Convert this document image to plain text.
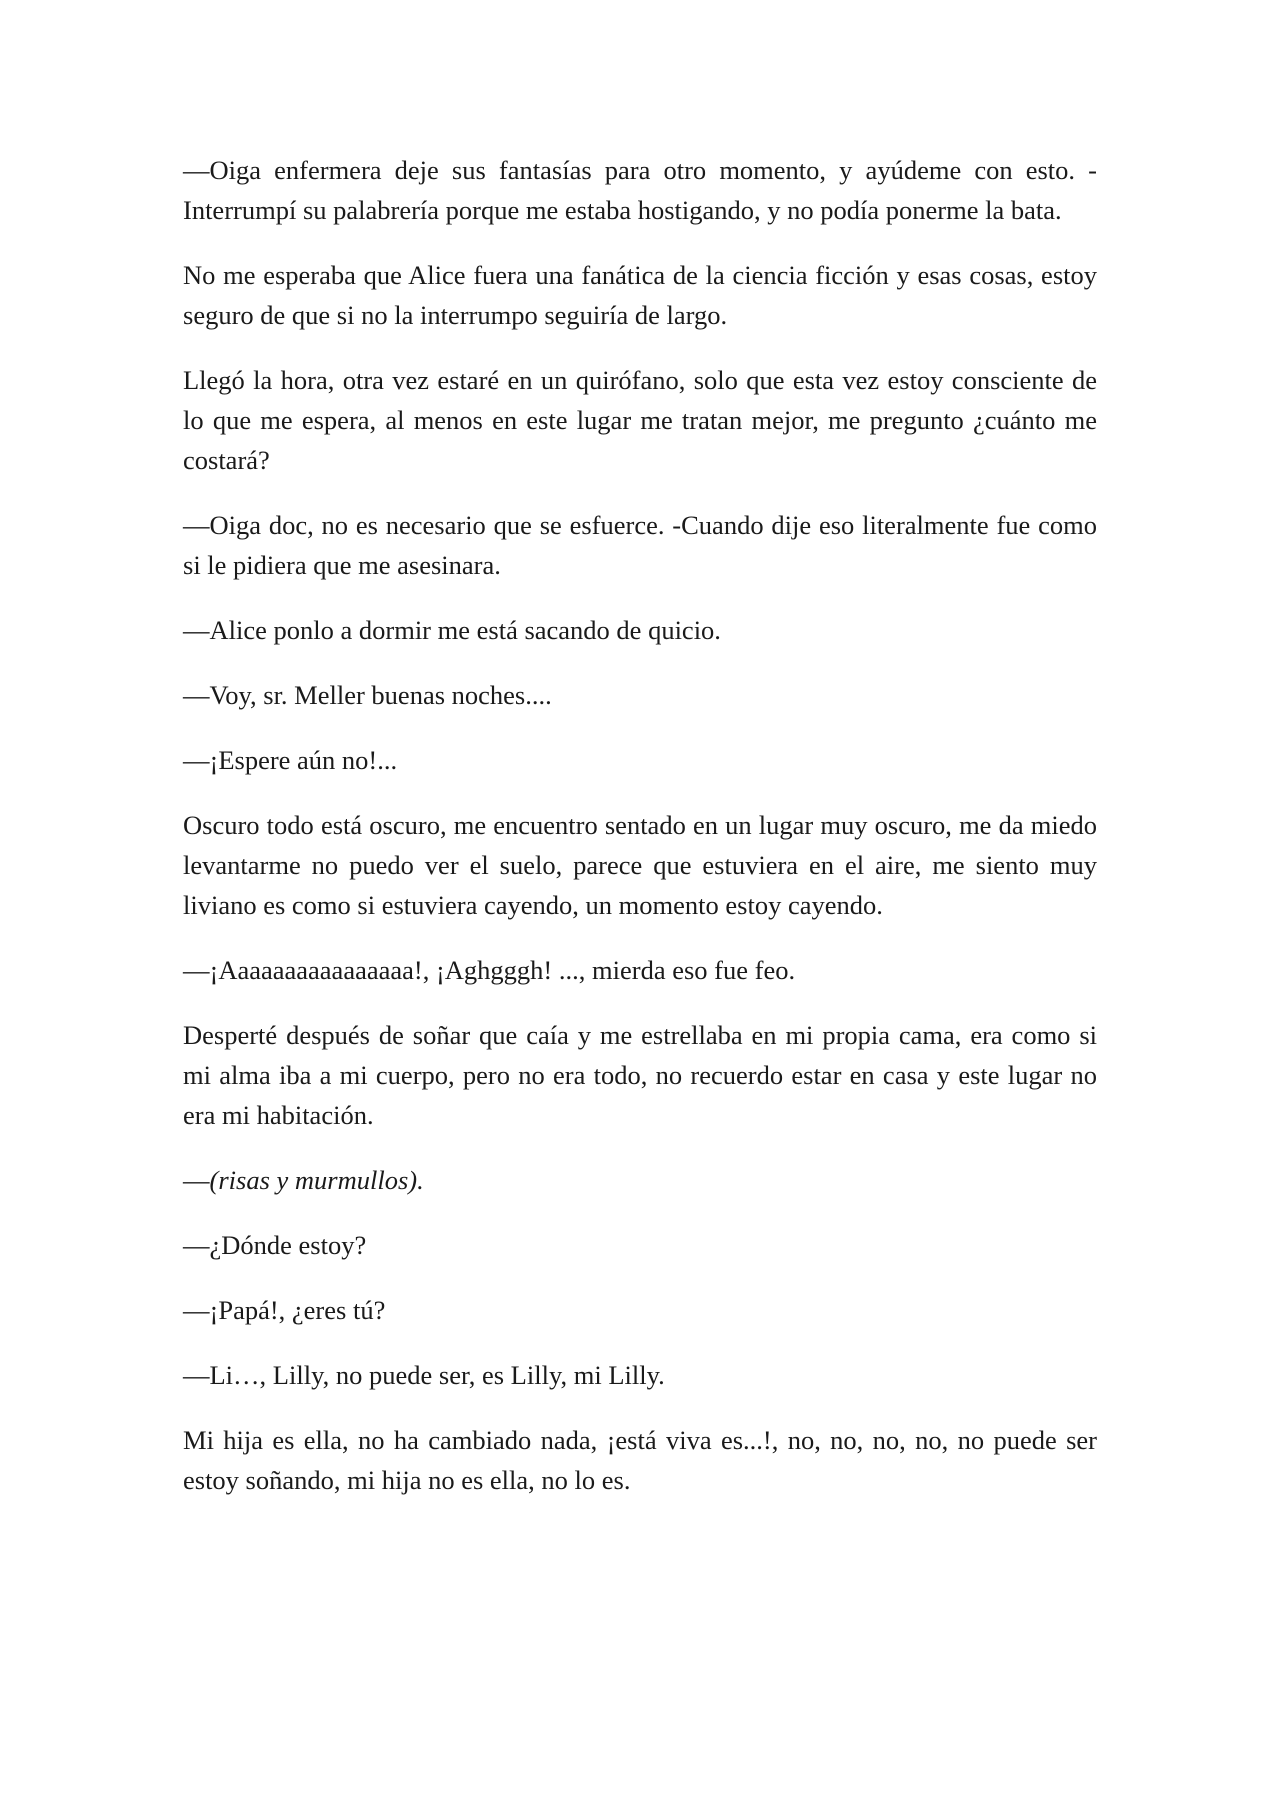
—Oiga enfermera deje sus fantasías para otro momento, y ayúdeme con esto. -Interrumpí su palabrería porque me estaba hostigando, y no podía ponerme la bata.

No me esperaba que Alice fuera una fanática de la ciencia ficción y esas cosas, estoy seguro de que si no la interrumpo seguiría de largo.

Llegó la hora, otra vez estaré en un quirófano, solo que esta vez estoy consciente de lo que me espera, al menos en este lugar me tratan mejor, me pregunto ¿cuánto me costará?

—Oiga doc, no es necesario que se esfuerce. -Cuando dije eso literalmente fue como si le pidiera que me asesinara.

—Alice ponlo a dormir me está sacando de quicio.

—Voy, sr. Meller buenas noches....

—¡Espere aún no!...

Oscuro todo está oscuro, me encuentro sentado en un lugar muy oscuro, me da miedo levantarme no puedo ver el suelo, parece que estuviera en el aire, me siento muy liviano es como si estuviera cayendo, un momento estoy cayendo.

—¡Aaaaaaaaaaaaaaaa!, ¡Aghgggh! ..., mierda eso fue feo.

Desperté después de soñar que caía y me estrellaba en mi propia cama, era como si mi alma iba a mi cuerpo, pero no era todo, no recuerdo estar en casa y este lugar no era mi habitación.

—(risas y murmullos).

—¿Dónde estoy?

—¡Papá!, ¿eres tú?

—Li…, Lilly, no puede ser, es Lilly, mi Lilly.

Mi hija es ella, no ha cambiado nada, ¡está viva es...!, no, no, no, no, no puede ser estoy soñando, mi hija no es ella, no lo es.
